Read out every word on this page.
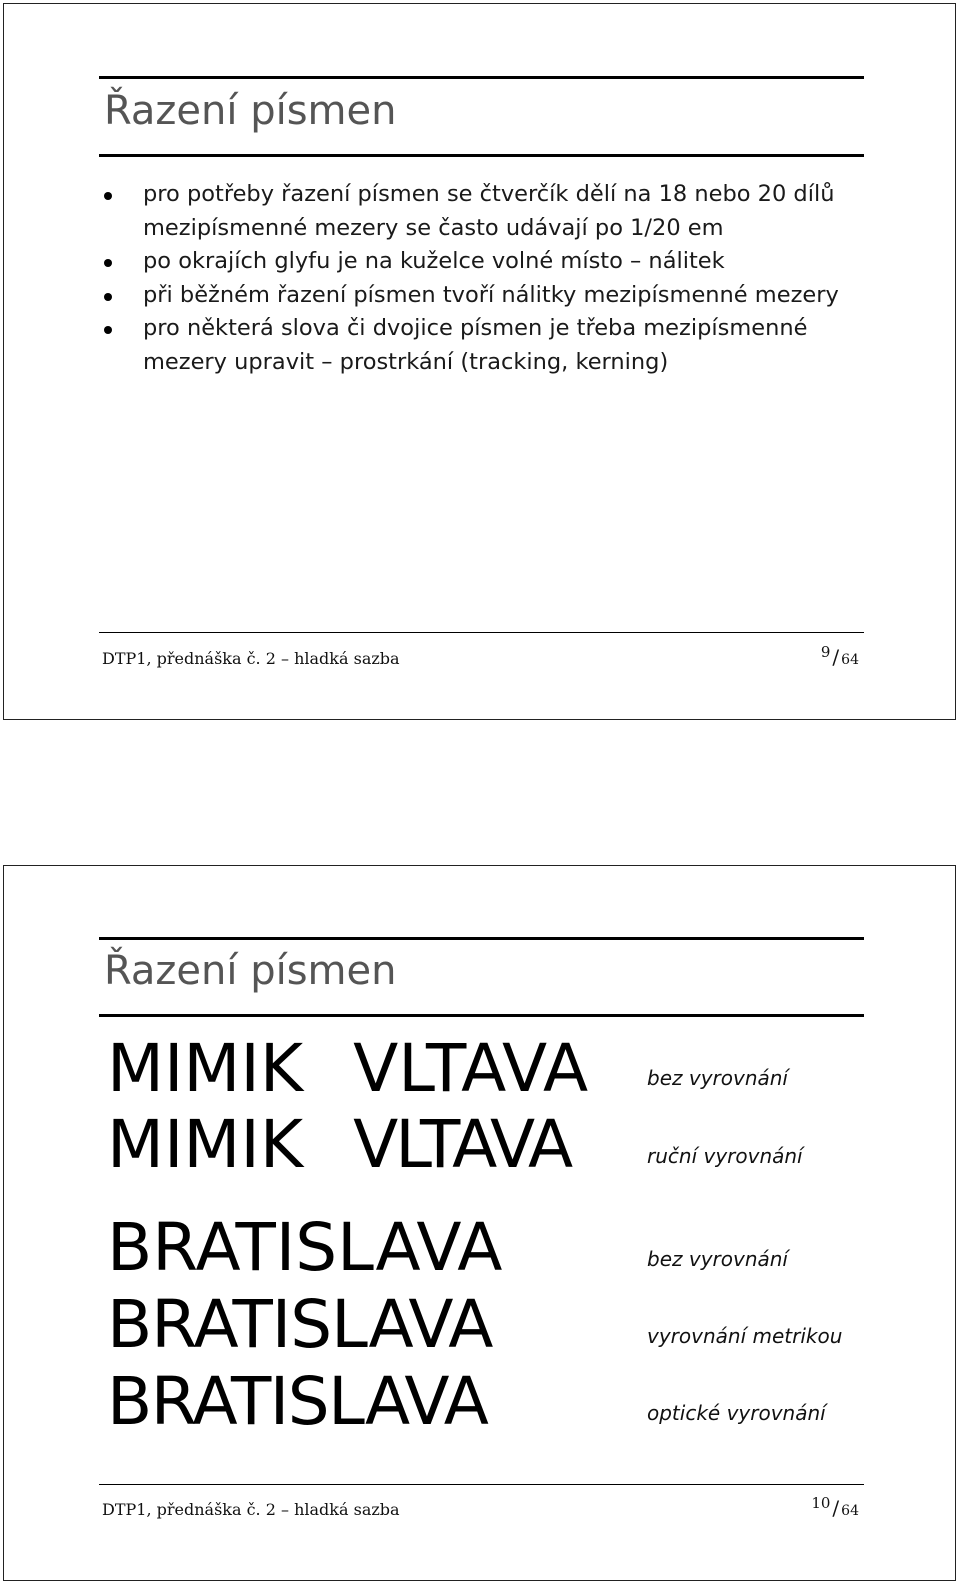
Řazení písmen
pro potřeby řazení písmen se čtverčík dělí na 18 nebo 20 dílů
mezipísmenné mezery se často udávají po 1/20 em
po okrajích glyfu je na kuželce volné místo – nálitek
při běžném řazení písmen tvoří nálitky mezipísmenné mezery
pro některá slova či dvojice písmen je třeba mezipísmenné mezery upravit – prostrkání (tracking, kerning)
DTP1, přednáška č. 2 – hladká sazba	9 / 64
Řazení písmen
MIMIK VLTAVA	bez vyrovnání
MIMIK VLTAVA	ruční vyrovnání
BRATISLAVA	bez vyrovnání
BRATISLAVA	vyrovnání metrikou
BRATISLAVA	optické vyrovnání
DTP1, přednáška č. 2 – hladká sazba	10 / 64
